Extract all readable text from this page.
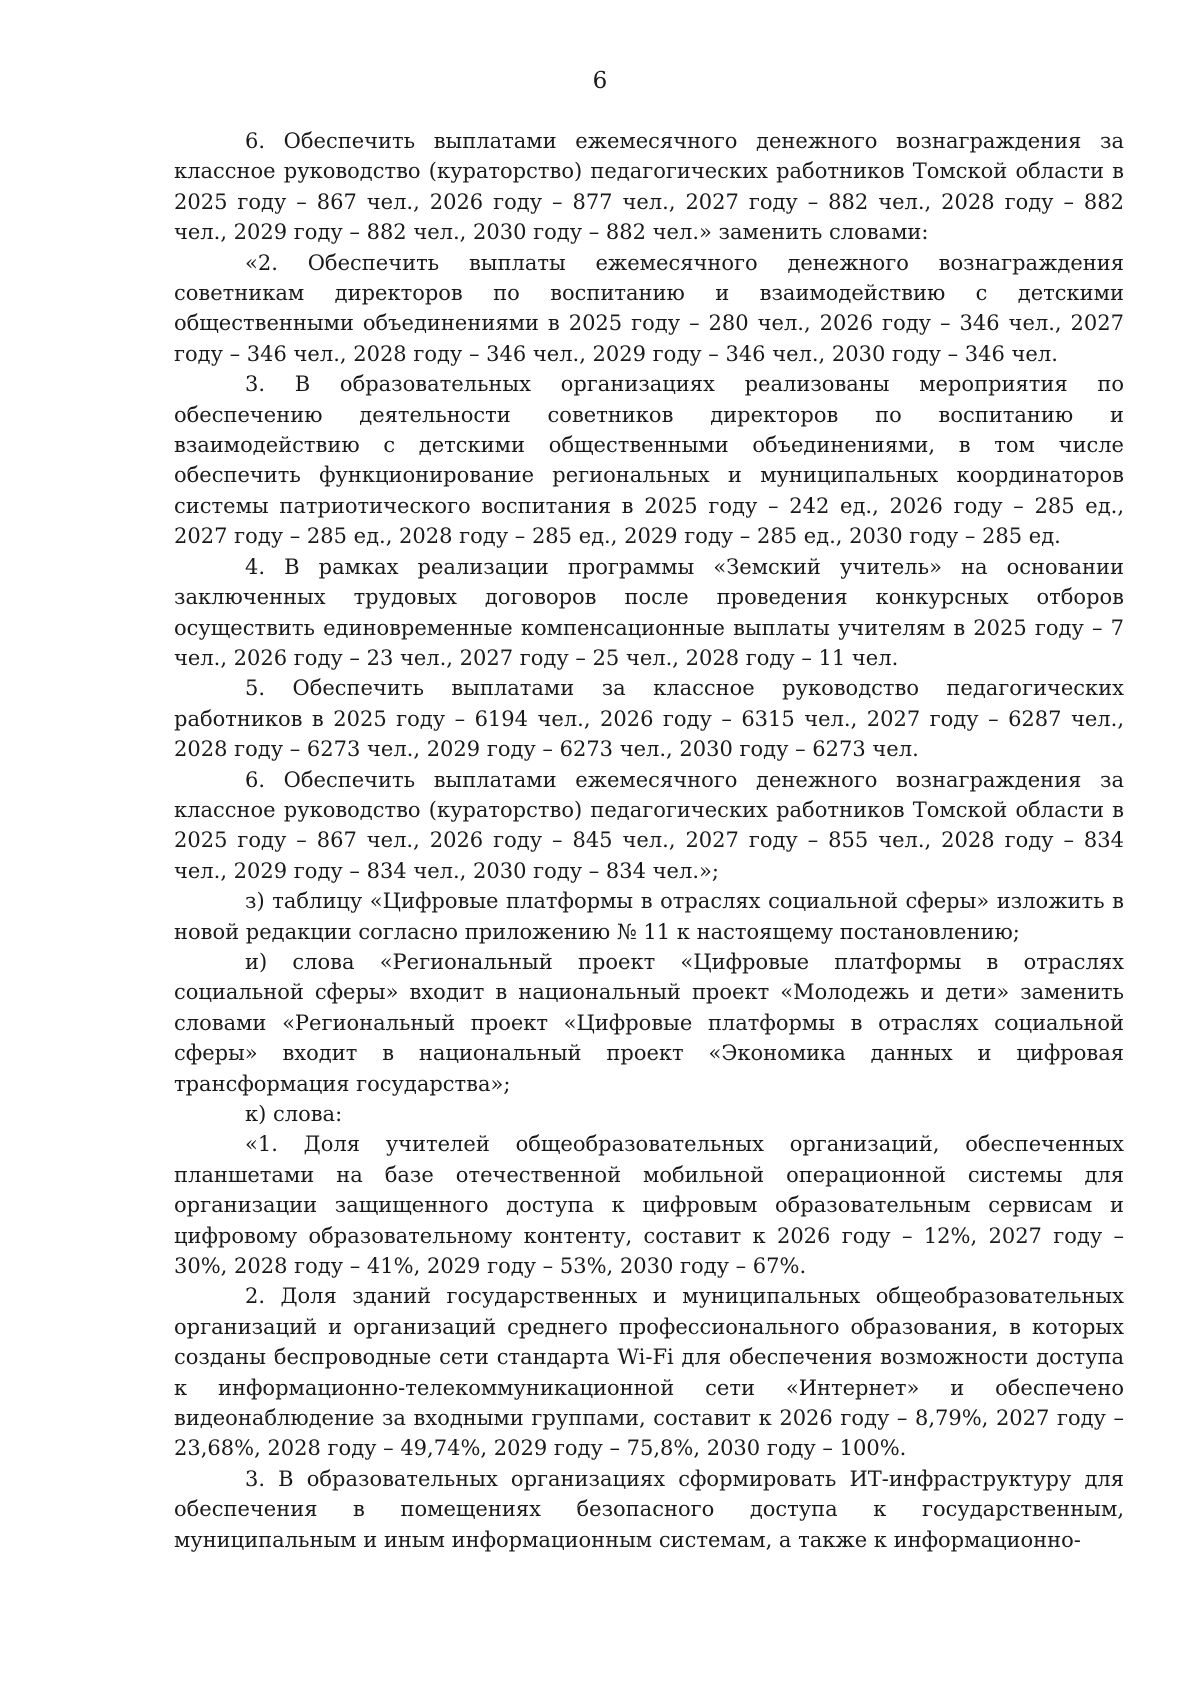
6

6. Обеспечить выплатами ежемесячного денежного вознаграждения за классное руководство (кураторство) педагогических работников Томской области в 2025 году – 867 чел., 2026 году – 877 чел., 2027 году – 882 чел., 2028 году – 882 чел., 2029 году – 882 чел., 2030 году – 882 чел.» заменить словами:

«2. Обеспечить выплаты ежемесячного денежного вознаграждения советникам директоров по воспитанию и взаимодействию с детскими общественными объединениями в 2025 году – 280 чел., 2026 году – 346 чел., 2027 году – 346 чел., 2028 году – 346 чел., 2029 году – 346 чел., 2030 году – 346 чел.

3. В образовательных организациях реализованы мероприятия по обеспечению деятельности советников директоров по воспитанию и взаимодействию с детскими общественными объединениями, в том числе обеспечить функционирование региональных и муниципальных координаторов системы патриотического воспитания в 2025 году – 242 ед., 2026 году – 285 ед., 2027 году – 285 ед., 2028 году – 285 ед., 2029 году – 285 ед., 2030 году – 285 ед.

4. В рамках реализации программы «Земский учитель» на основании заключенных трудовых договоров после проведения конкурсных отборов осуществить единовременные компенсационные выплаты учителям в 2025 году – 7 чел., 2026 году – 23 чел., 2027 году – 25 чел., 2028 году – 11 чел.

5. Обеспечить выплатами за классное руководство педагогических работников в 2025 году – 6194 чел., 2026 году – 6315 чел., 2027 году – 6287 чел., 2028 году – 6273 чел., 2029 году – 6273 чел., 2030 году – 6273 чел.

6. Обеспечить выплатами ежемесячного денежного вознаграждения за классное руководство (кураторство) педагогических работников Томской области в 2025 году – 867 чел., 2026 году – 845 чел., 2027 году – 855 чел., 2028 году – 834 чел., 2029 году – 834 чел., 2030 году – 834 чел.»;

з) таблицу «Цифровые платформы в отраслях социальной сферы» изложить в новой редакции согласно приложению № 11 к настоящему постановлению;

и) слова «Региональный проект «Цифровые платформы в отраслях социальной сферы» входит в национальный проект «Молодежь и дети» заменить словами «Региональный проект «Цифровые платформы в отраслях социальной сферы» входит в национальный проект «Экономика данных и цифровая трансформация государства»;

к) слова:

«1. Доля учителей общеобразовательных организаций, обеспеченных планшетами на базе отечественной мобильной операционной системы для организации защищенного доступа к цифровым образовательным сервисам и цифровому образовательному контенту, составит к 2026 году – 12%, 2027 году – 30%, 2028 году – 41%, 2029 году – 53%, 2030 году – 67%.

2. Доля зданий государственных и муниципальных общеобразовательных организаций и организаций среднего профессионального образования, в которых созданы беспроводные сети стандарта Wi-Fi для обеспечения возможности доступа к информационно-телекоммуникационной сети «Интернет» и обеспечено видеонаблюдение за входными группами, составит к 2026 году – 8,79%, 2027 году – 23,68%, 2028 году – 49,74%, 2029 году – 75,8%, 2030 году – 100%.

3. В образовательных организациях сформировать ИТ-инфраструктуру для обеспечения в помещениях безопасного доступа к государственным, муниципальным и иным информационным системам, а также к информационно-
